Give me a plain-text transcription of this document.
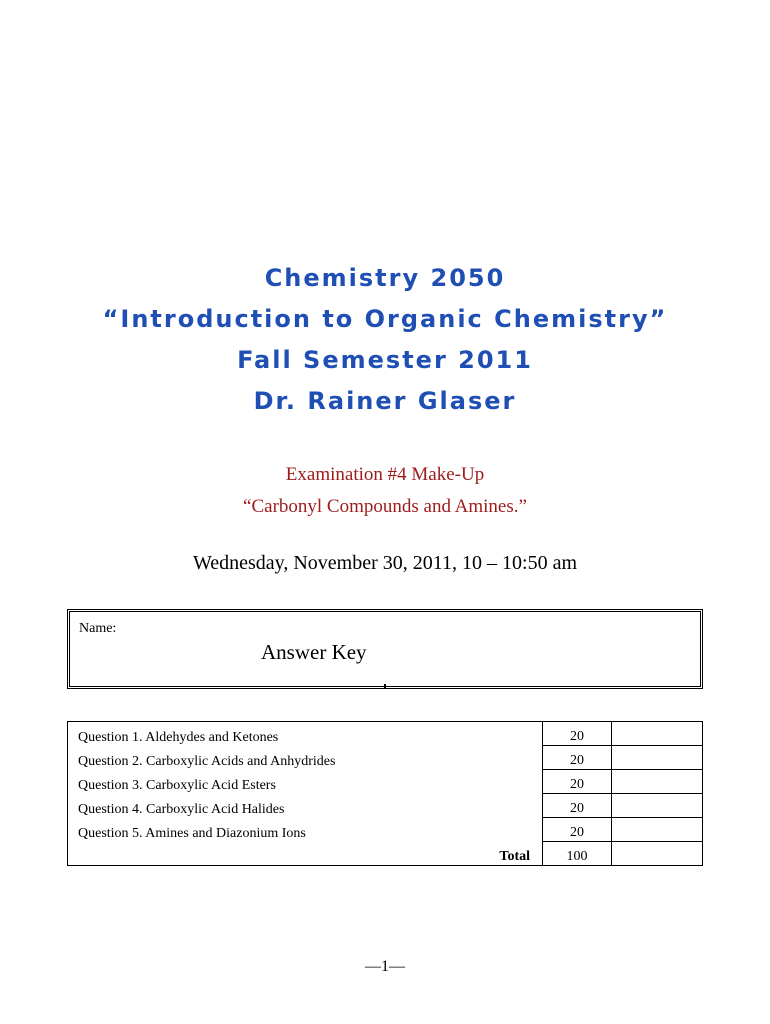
Chemistry 2050
“Introduction to Organic Chemistry”
Fall Semester 2011
Dr. Rainer Glaser
Examination #4 Make-Up
“Carbonyl Compounds and Amines.”
Wednesday, November 30, 2011, 10 – 10:50 am
Name:
Answer Key
Question 1. Aldehydes and Ketones	20	
Question 2. Carboxylic Acids and Anhydrides	20	
Question 3. Carboxylic Acid Esters	20	
Question 4. Carboxylic Acid Halides	20	
Question 5. Amines and Diazonium Ions	20	
Total	100	
—1—
